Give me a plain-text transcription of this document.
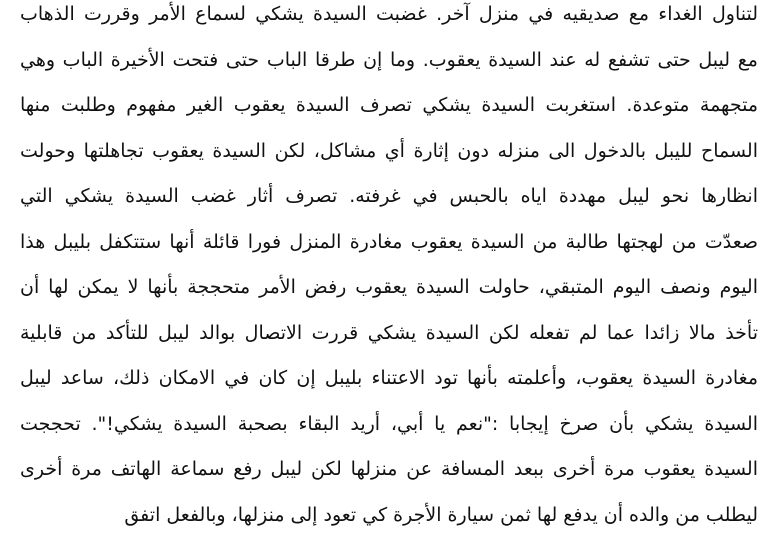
لتناول الغداء مع صديقيه في منزل آخر. غضبت السيدة يشكي لسماع الأمر وقررت الذهاب
مع ليبل حتى تشفع له عند السيدة يعقوب. وما إن طرقا الباب حتى فتحت الأخيرة الباب وهي
متجهمة متوعدة. استغربت السيدة يشكي تصرف السيدة يعقوب الغير مفهوم وطلبت منها
السماح لليبل بالدخول الى منزله دون إثارة أي مشاكل، لكن السيدة يعقوب تجاهلتها وحولت
انظارها نحو ليبل مهددة اياه بالحبس في غرفته. تصرف أثار غضب السيدة يشكي التي
صعدّت من لهجتها طالبة من السيدة يعقوب مغادرة المنزل فورا قائلة أنها ستتكفل بليبل هذا
اليوم ونصف اليوم المتبقي، حاولت السيدة يعقوب رفض الأمر متحججة بأنها لا يمكن لها أن
تأخذ مالا زائدا عما لم تفعله لكن السيدة يشكي قررت الاتصال بوالد ليبل للتأكد من قابلية
مغادرة السيدة يعقوب، وأعلمته بأنها تود الاعتناء بليبل إن كان في الامكان ذلك، ساعد ليبل
السيدة يشكي بأن صرخ إيجابا :"نعم يا أبي، أريد البقاء بصحبة السيدة يشكي!". تحججت
السيدة يعقوب مرة أخرى ببعد المسافة عن منزلها لكن ليبل رفع سماعة الهاتف مرة أخرى
ليطلب من والده أن يدفع لها ثمن سيارة الأجرة كي تعود إلى منزلها، وبالفعل اتفق
